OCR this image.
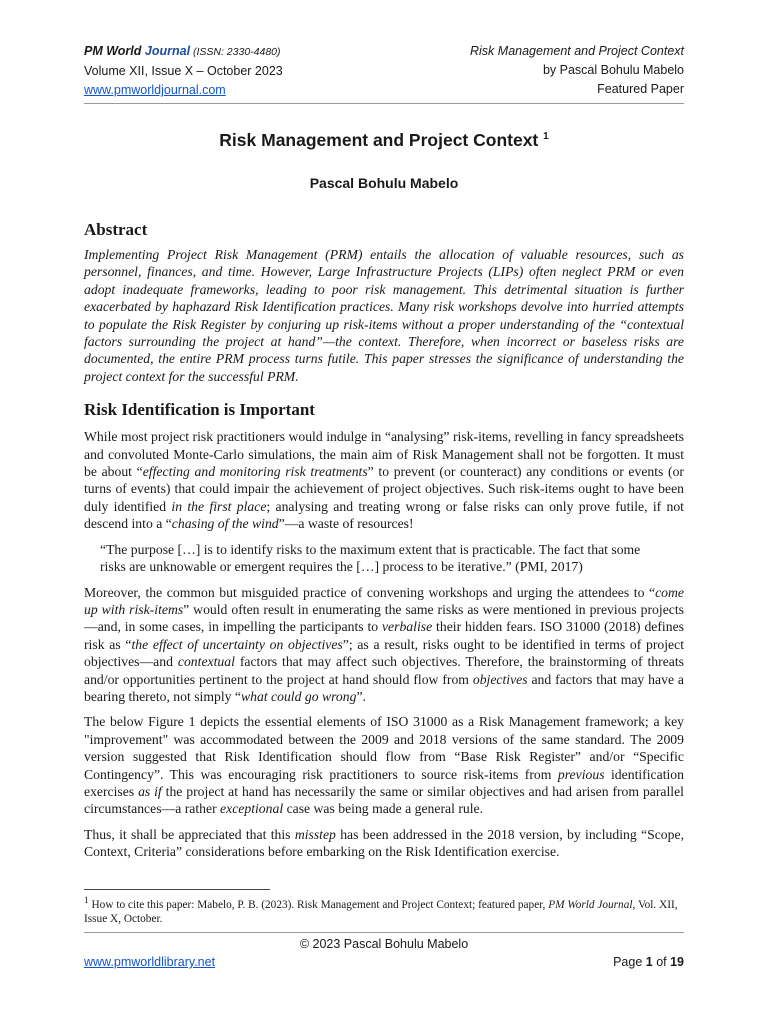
PM World Journal (ISSN: 2330-4480)
Volume XII, Issue X – October 2023
www.pmworldjournal.com
Risk Management and Project Context
by Pascal Bohulu Mabelo
Featured Paper
Risk Management and Project Context $^1$
Pascal Bohulu Mabelo
Abstract

Implementing Project Risk Management (PRM) entails the allocation of valuable resources, such as personnel, finances, and time. However, Large Infrastructure Projects (LIPs) often neglect PRM or even adopt inadequate frameworks, leading to poor risk management. This detrimental situation is further exacerbated by haphazard Risk Identification practices. Many risk workshops devolve into hurried attempts to populate the Risk Register by conjuring up risk-items without a proper understanding of the “contextual factors surrounding the project at hand”—the context. Therefore, when incorrect or baseless risks are documented, the entire PRM process turns futile. This paper stresses the significance of understanding the project context for the successful PRM.

Risk Identification is Important

While most project risk practitioners would indulge in “analysing” risk-items, revelling in fancy spreadsheets and convoluted Monte-Carlo simulations, the main aim of Risk Management shall not be forgotten. It must be about “effecting and monitoring risk treatments” to prevent (or counteract) any conditions or events (or turns of events) that could impair the achievement of project objectives. Such risk-items ought to have been duly identified in the first place; analysing and treating wrong or false risks can only prove futile, if not descend into a “chasing of the wind”—a waste of resources!

“The purpose […] is to identify risks to the maximum extent that is practicable. The fact that some risks are unknowable or emergent requires the […] process to be iterative.” (PMI, 2017)

Moreover, the common but misguided practice of convening workshops and urging the attendees to “come up with risk-items” would often result in enumerating the same risks as were mentioned in previous projects—and, in some cases, in impelling the participants to verbalise their hidden fears. ISO 31000 (2018) defines risk as “the effect of uncertainty on objectives”; as a result, risks ought to be identified in terms of project objectives—and contextual factors that may affect such objectives. Therefore, the brainstorming of threats and/or opportunities pertinent to the project at hand should flow from objectives and factors that may have a bearing thereto, not simply “what could go wrong”.

The below Figure 1 depicts the essential elements of ISO 31000 as a Risk Management framework; a key "improvement" was accommodated between the 2009 and 2018 versions of the same standard. The 2009 version suggested that Risk Identification should flow from “Base Risk Register” and/or “Specific Contingency”. This was encouraging risk practitioners to source risk-items from previous identification exercises as if the project at hand has necessarily the same or similar objectives and had arisen from parallel circumstances—a rather exceptional case was being made a general rule.

Thus, it shall be appreciated that this misstep has been addressed in the 2018 version, by including “Scope, Context, Criteria” considerations before embarking on the Risk Identification exercise.

$^1$ How to cite this paper: Mabelo, P. B. (2023). Risk Management and Project Context; featured paper, PM World Journal, Vol. XII, Issue X, October.
© 2023 Pascal Bohulu Mabelo
www.pmworldlibrary.net	Page 1 of 19
